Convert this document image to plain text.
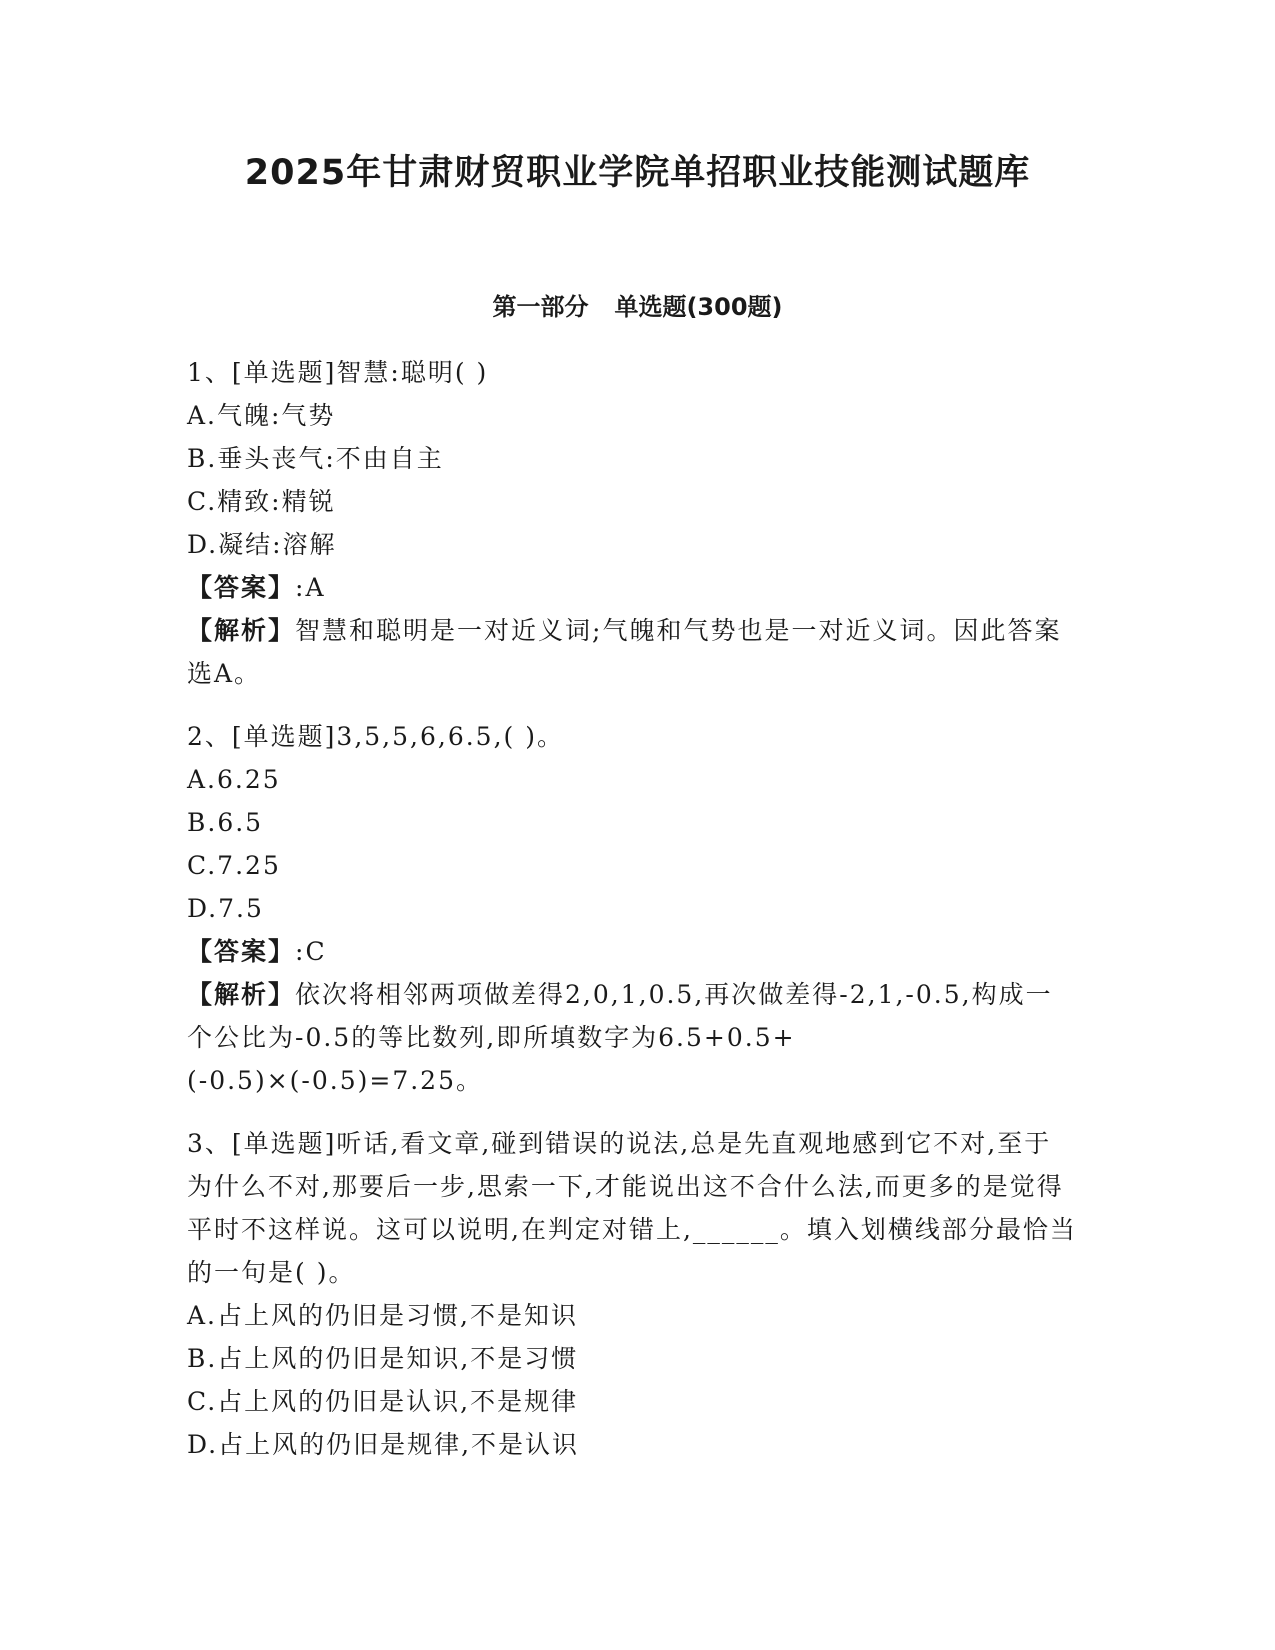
2025年甘肃财贸职业学院单招职业技能测试题库
第一部分 单选题(300题)
1、[单选题]智慧:聪明( )
A.气魄:气势
B.垂头丧气:不由自主
C.精致:精锐
D.凝结:溶解
【答案】:A
【解析】智慧和聪明是一对近义词;气魄和气势也是一对近义词。因此答案选A。
2、[单选题]3,5,5,6,6.5,( )。
A.6.25
B.6.5
C.7.25
D.7.5
【答案】:C
【解析】依次将相邻两项做差得2,0,1,0.5,再次做差得-2,1,-0.5,构成一个公比为-0.5的等比数列,即所填数字为6.5+0.5+(-0.5)×(-0.5)=7.25。
3、[单选题]听话,看文章,碰到错误的说法,总是先直观地感到它不对,至于为什么不对,那要后一步,思索一下,才能说出这不合什么法,而更多的是觉得平时不这样说。这可以说明,在判定对错上,______。填入划横线部分最恰当的一句是( )。
A.占上风的仍旧是习惯,不是知识
B.占上风的仍旧是知识,不是习惯
C.占上风的仍旧是认识,不是规律
D.占上风的仍旧是规律,不是认识
